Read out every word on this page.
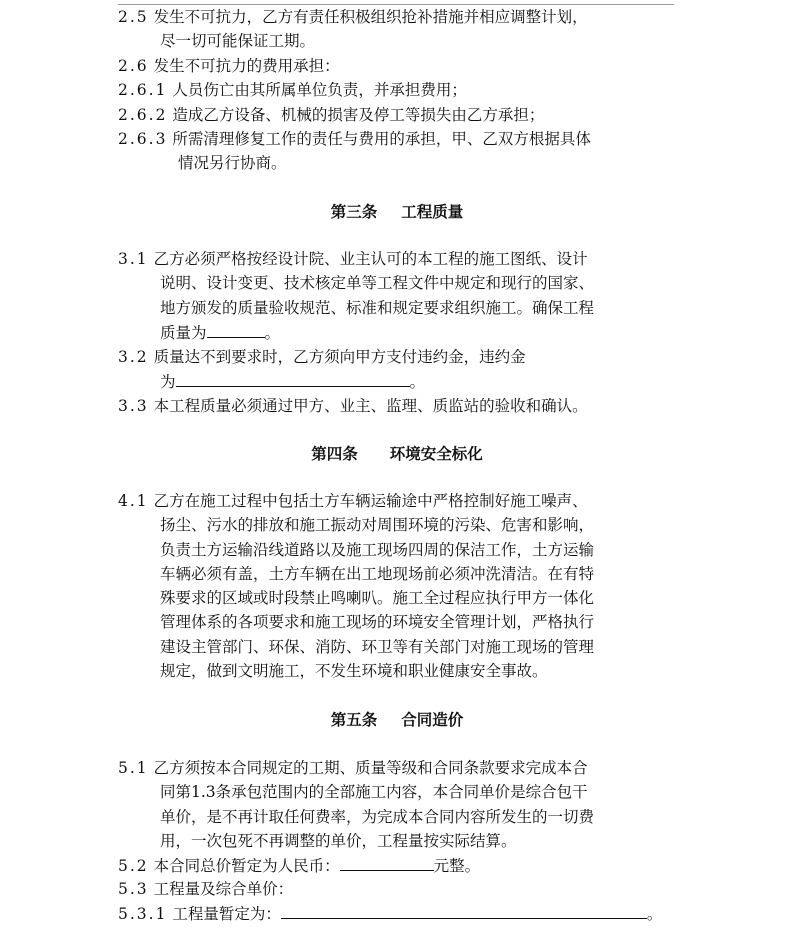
2.5 发生不可抗力，乙方有责任积极组织抢补措施并相应调整计划，
尽一切可能保证工期。
2.6 发生不可抗力的费用承担：
2.6.1 人员伤亡由其所属单位负责，并承担费用；
2.6.2 造成乙方设备、机械的损害及停工等损失由乙方承担；
2.6.3 所需清理修复工作的责任与费用的承担，甲、乙双方根据具体
情况另行协商。
第三条 工程质量
3.1 乙方必须严格按经设计院、业主认可的本工程的施工图纸、设计
说明、设计变更、技术核定单等工程文件中规定和现行的国家、
地方颁发的质量验收规范、标准和规定要求组织施工。确保工程
质量为	。
3.2 质量达不到要求时，乙方须向甲方支付违约金，违约金
为	。
3.3 本工程质量必须通过甲方、业主、监理、质监站的验收和确认。
第四条 环境安全标化
4.1 乙方在施工过程中包括土方车辆运输途中严格控制好施工噪声、
扬尘、污水的排放和施工振动对周围环境的污染、危害和影响，
负责土方运输沿线道路以及施工现场四周的保洁工作，土方运输
车辆必须有盖，土方车辆在出工地现场前必须冲洗清洁。在有特
殊要求的区域或时段禁止鸣喇叭。施工全过程应执行甲方一体化
管理体系的各项要求和施工现场的环境安全管理计划，严格执行
建设主管部门、环保、消防、环卫等有关部门对施工现场的管理
规定，做到文明施工，不发生环境和职业健康安全事故。
第五条 合同造价
5.1 乙方须按本合同规定的工期、质量等级和合同条款要求完成本合
同第1.3条承包范围内的全部施工内容，本合同单价是综合包干
单价，是不再计取任何费率，为完成本合同内容所发生的一切费
用，一次包死不再调整的单价，工程量按实际结算。
5.2 本合同总价暂定为人民币：	元整。
5.3 工程量及综合单价：
5.3.1 工程量暂定为：	。
